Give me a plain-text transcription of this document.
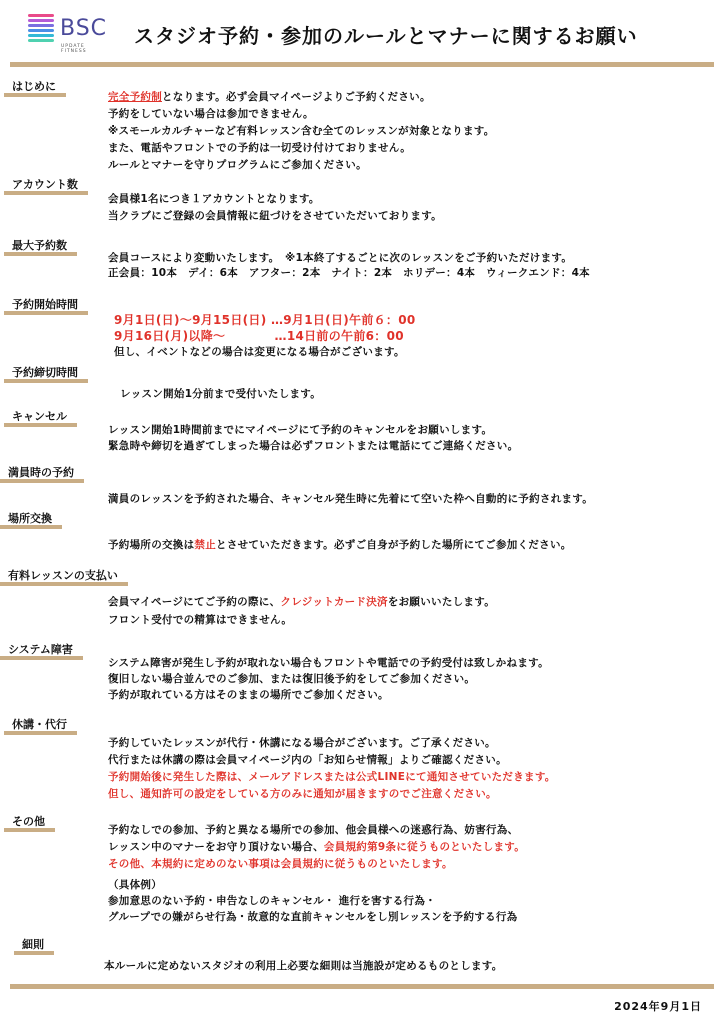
BSC
UPDATE FITNESS
スタジオ予約・参加のルールとマナーに関するお願い
はじめに
完全予約制となります。必ず会員マイページよりご予約ください。
予約をしていない場合は参加できません。
※スモールカルチャーなど有料レッスン含む全てのレッスンが対象となります。
また、電話やフロントでの予約は一切受け付けておりません。
ルールとマナーを守りプログラムにご参加ください。
アカウント数
会員様1名につき１アカウントとなります。
当クラブにご登録の会員情報に紐づけをさせていただいております。
最大予約数
会員コースにより変動いたします。　※1本終了するごとに次のレッスンをご予約いただけます。
正会員：10本　デイ：6本　アフター：2本　ナイト：2本　ホリデー：4本　ウィークエンド：4本
予約開始時間
9月1日(日)～9月15日(日) …9月1日(日)午前６：00
9月16日(月)以降～　　　　…14日前の午前6：00
但し、イベントなどの場合は変更になる場合がございます。
予約締切時間
レッスン開始1分前まで受付いたします。
キャンセル
レッスン開始1時間前までにマイページにて予約のキャンセルをお願いします。
緊急時や締切を過ぎてしまった場合は必ずフロントまたは電話にてご連絡ください。
満員時の予約
満員のレッスンを予約された場合、キャンセル発生時に先着にて空いた枠へ自動的に予約されます。
場所交換
予約場所の交換は禁止とさせていただきます。必ずご自身が予約した場所にてご参加ください。
有料レッスンの支払い
会員マイページにてご予約の際に、クレジットカード決済をお願いいたします。
フロント受付での精算はできません。
システム障害
システム障害が発生し予約が取れない場合もフロントや電話での予約受付は致しかねます。
復旧しない場合並んでのご参加、または復旧後予約をしてご参加ください。
予約が取れている方はそのままの場所でご参加ください。
休講・代行
予約していたレッスンが代行・休講になる場合がございます。ご了承ください。
代行または休講の際は会員マイページ内の「お知らせ情報」よりご確認ください。
予約開始後に発生した際は、メールアドレスまたは公式LINEにて通知させていただきます。
但し、通知許可の設定をしている方のみに通知が届きますのでご注意ください。
その他
予約なしでの参加、予約と異なる場所での参加、他会員様への迷惑行為、妨害行為、
レッスン中のマナーをお守り頂けない場合、会員規約第9条に従うものといたします。
その他、本規約に定めのない事項は会員規約に従うものといたします。
（具体例）
参加意思のない予約・申告なしのキャンセル・ 進行を害する行為・
グループでの嫌がらせ行為・故意的な直前キャンセルをし別レッスンを予約する行為
細則
本ルールに定めないスタジオの利用上必要な細則は当施設が定めるものとします。
2024年9月1日
